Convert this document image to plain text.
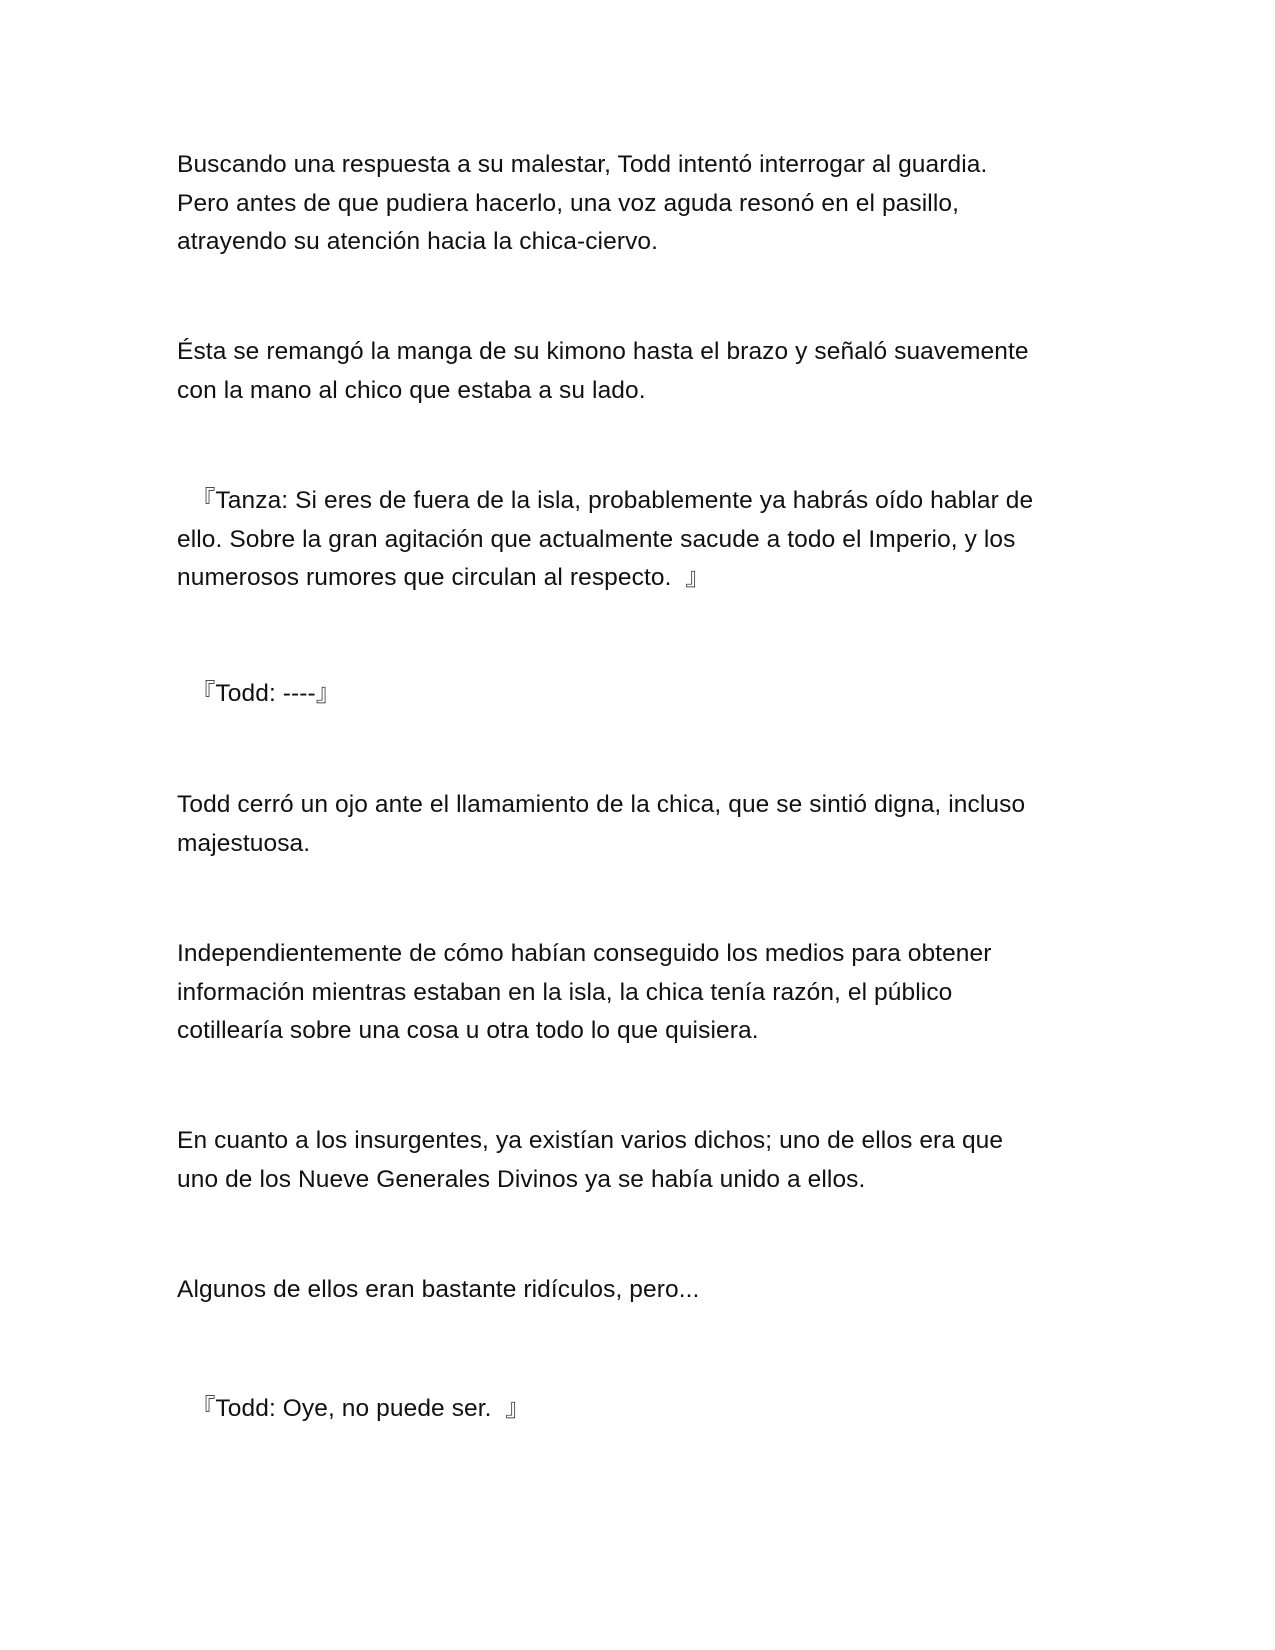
Buscando una respuesta a su malestar, Todd intentó interrogar al guardia.
Pero antes de que pudiera hacerlo, una voz aguda resonó en el pasillo,
atrayendo su atención hacia la chica-ciervo.

Ésta se remangó la manga de su kimono hasta el brazo y señaló suavemente
con la mano al chico que estaba a su lado.

『Tanza: Si eres de fuera de la isla, probablemente ya habrás oído hablar de
ello. Sobre la gran agitación que actualmente sacude a todo el Imperio, y los
numerosos rumores que circulan al respecto.  』

『Todd: ----』

Todd cerró un ojo ante el llamamiento de la chica, que se sintió digna, incluso
majestuosa.

Independientemente de cómo habían conseguido los medios para obtener
información mientras estaban en la isla, la chica tenía razón, el público
cotillearía sobre una cosa u otra todo lo que quisiera.

En cuanto a los insurgentes, ya existían varios dichos; uno de ellos era que
uno de los Nueve Generales Divinos ya se había unido a ellos.

Algunos de ellos eran bastante ridículos, pero...

『Todd: Oye, no puede ser.  』
